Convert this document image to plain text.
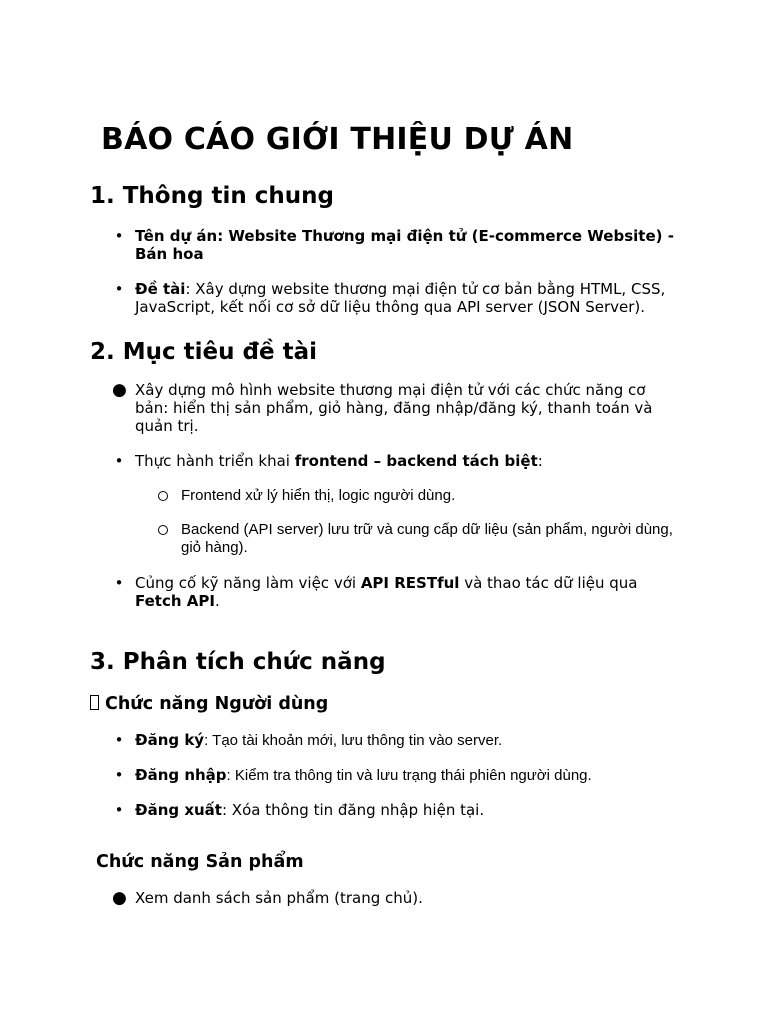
BÁO CÁO GIỚI THIỆU DỰ ÁN
1. Thông tin chung
• Tên dự án: Website Thương mại điện tử (E-commerce Website) - Bán hoa
• Đề tài: Xây dựng website thương mại điện tử cơ bản bằng HTML, CSS, JavaScript, kết nối cơ sở dữ liệu thông qua API server (JSON Server).
2. Mục tiêu đề tài
● Xây dựng mô hình website thương mại điện tử với các chức năng cơ bản: hiển thị sản phẩm, giỏ hàng, đăng nhập/đăng ký, thanh toán và quản trị.
• Thực hành triển khai frontend – backend tách biệt:
Frontend xử lý hiển thị, logic người dùng.
Backend (API server) lưu trữ và cung cấp dữ liệu (sản phẩm, người dùng, giỏ hàng).
• Củng cố kỹ năng làm việc với API RESTful và thao tác dữ liệu qua Fetch API.
3. Phân tích chức năng
Chức năng Người dùng
• Đăng ký: Tạo tài khoản mới, lưu thông tin vào server.
• Đăng nhập: Kiểm tra thông tin và lưu trạng thái phiên người dùng.
• Đăng xuất: Xóa thông tin đăng nhập hiện tại.
Chức năng Sản phẩm
● Xem danh sách sản phẩm (trang chủ).
